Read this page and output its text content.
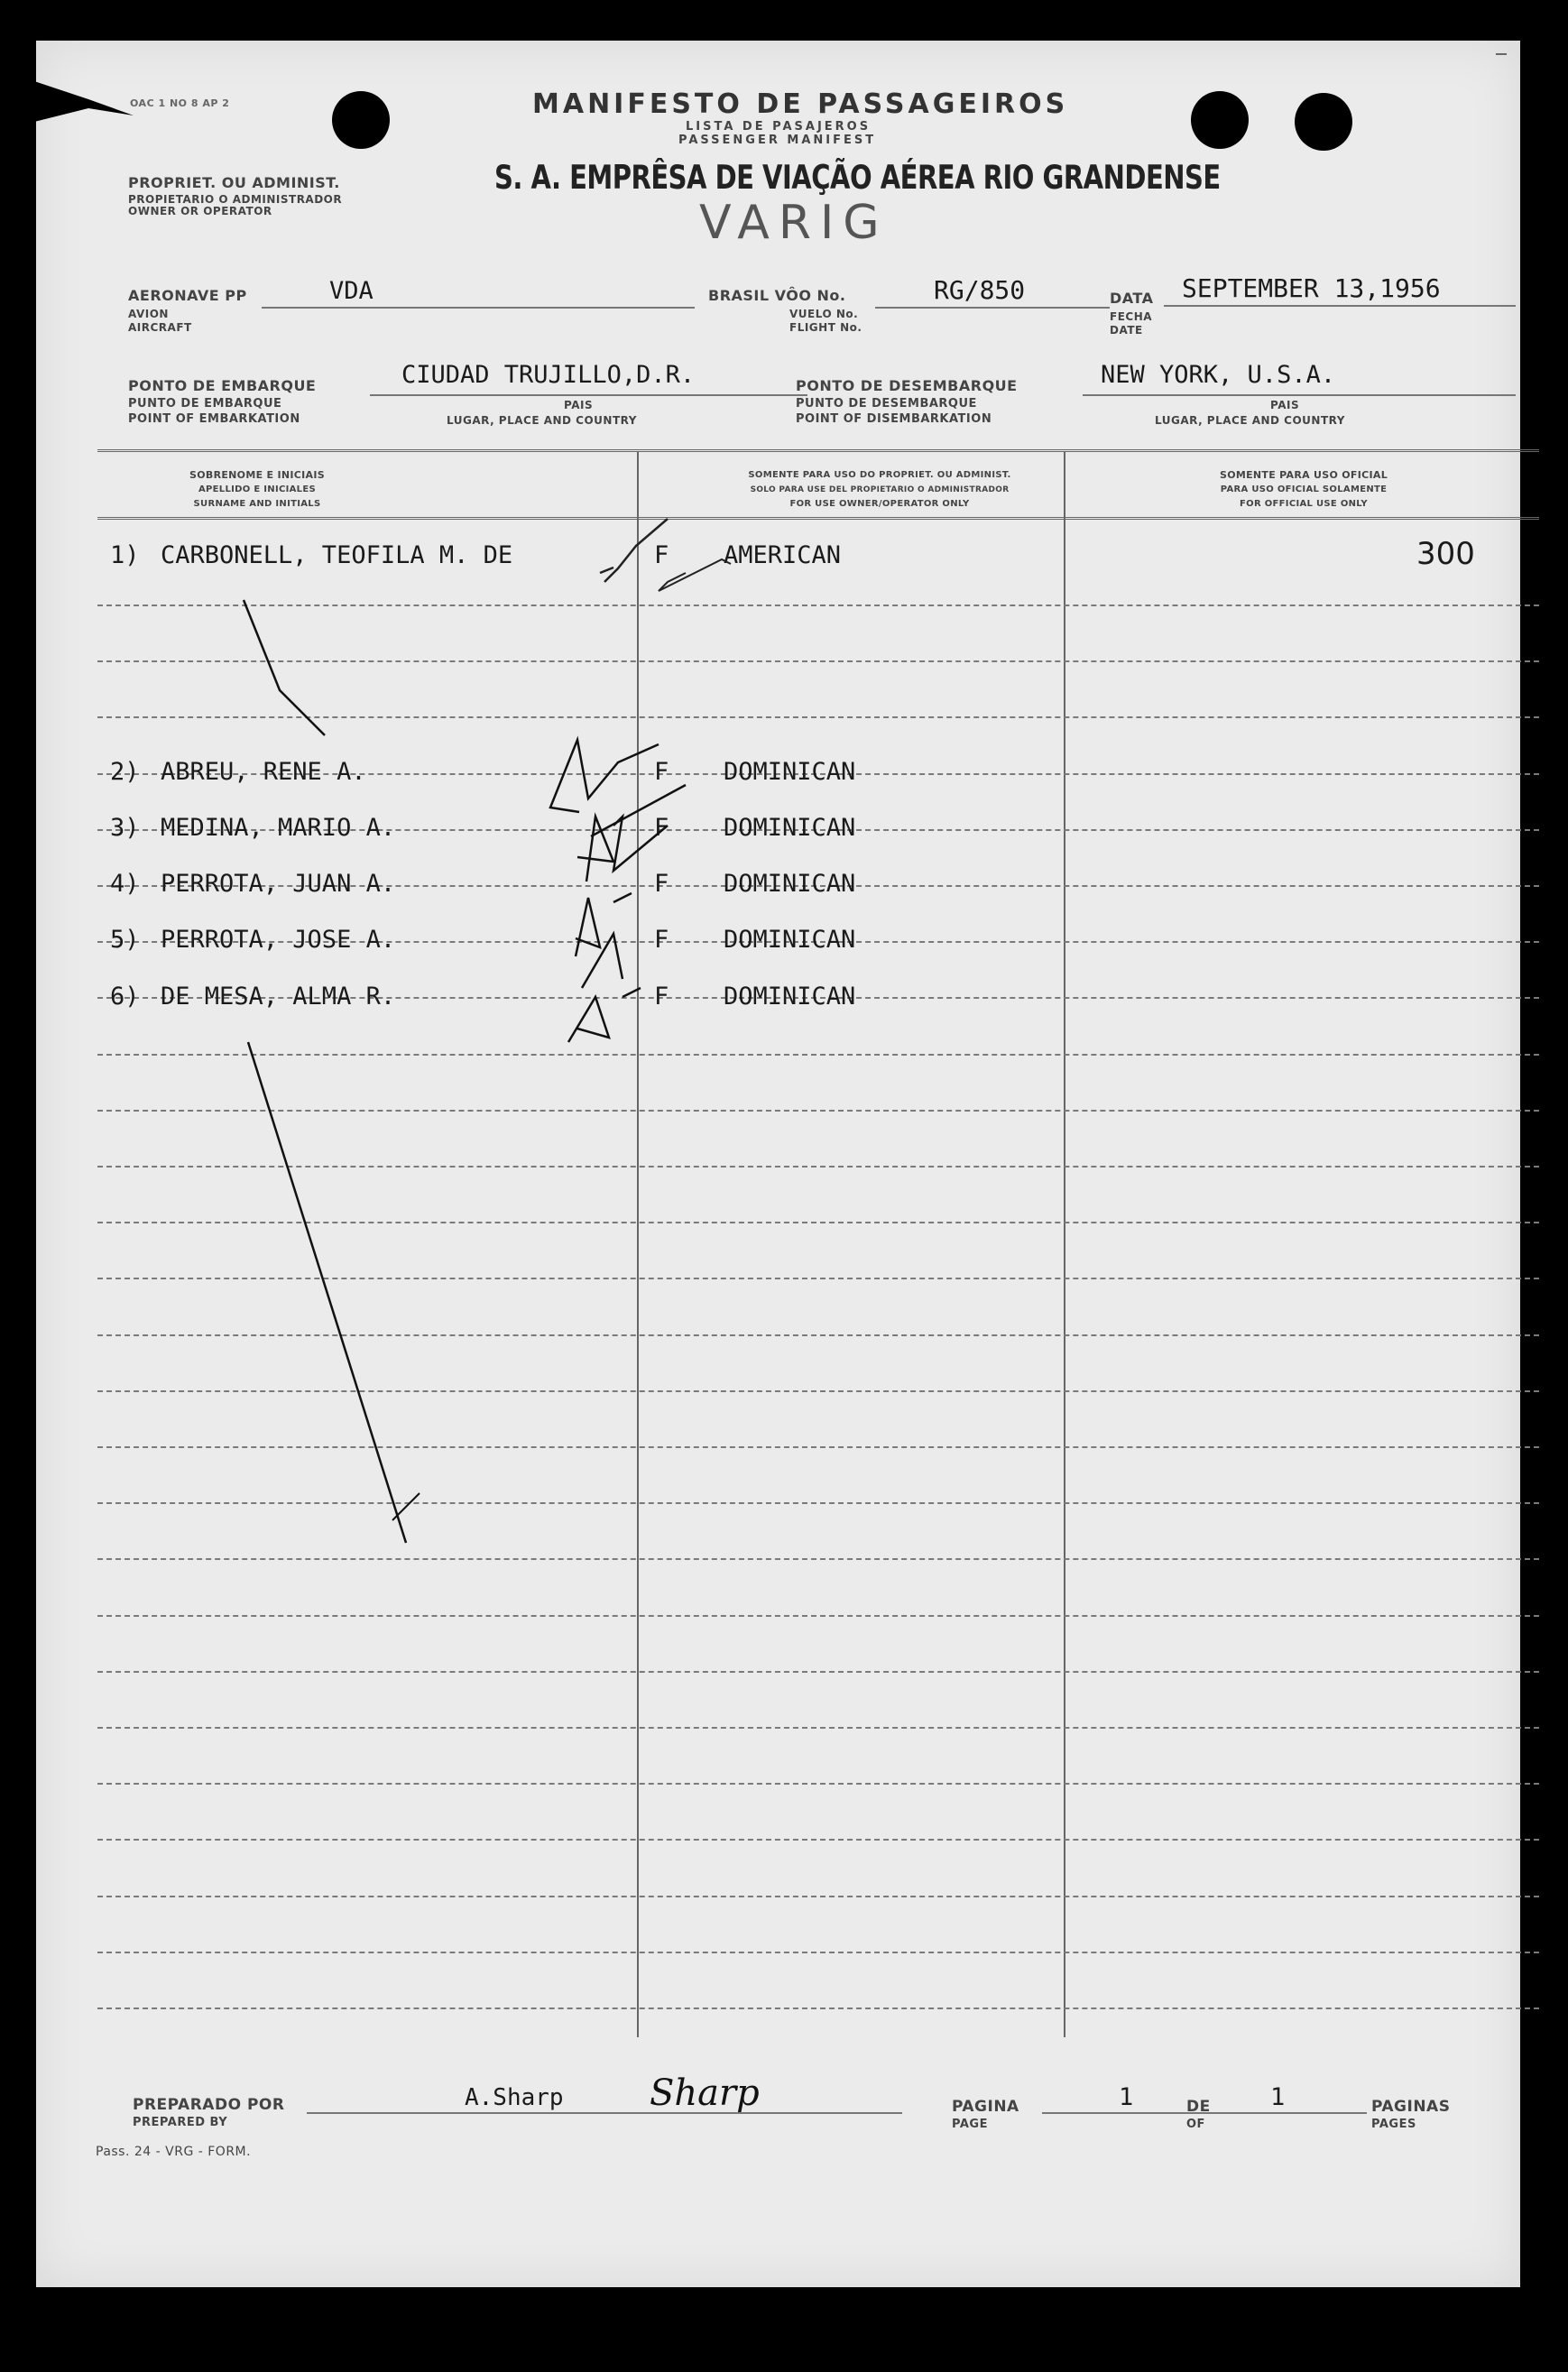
OAC 1 NO 8 AP 2	MANIFESTO DE PASSAGEIROS
LISTA DE PASAJEROS
PASSENGER MANIFEST
PROPRIET. OU ADMINIST.
PROPIETARIO O ADMINISTRADOR
OWNER OR OPERATOR
S. A. EMPRÊSA DE VIAÇÃO AÉREA RIO GRANDENSE
VARIG
AERONAVE PP
AVION
AIRCRAFT
VDA	BRASIL VÔO No.
VUELO No.
FLIGHT No.
RG/850	DATA
FECHA
DATE
SEPTEMBER 13,1956
PONTO DE EMBARQUE
PUNTO DE EMBARQUE
POINT OF EMBARKATION
CIUDAD TRUJILLO,D.R.
PAIS
LUGAR, PLACE AND COUNTRY
PONTO DE DESEMBARQUE
PUNTO DE DESEMBARQUE
POINT OF DISEMBARKATION
NEW YORK, U.S.A.
PAIS
LUGAR, PLACE AND COUNTRY
SOBRENOME E INICIAIS
APELLIDO E INICIALES
SURNAME AND INITIALS
SOMENTE PARA USO DO PROPRIET. OU ADMINIST.
SOLO PARA USE DEL PROPIETARIO O ADMINISTRADOR
FOR USE OWNER/OPERATOR ONLY
SOMENTE PARA USO OFICIAL
PARA USO OFICIAL SOLAMENTE
FOR OFFICIAL USE ONLY
1) CARBONELL, TEOFILA M. DE	F AMERICAN	300
2) ABREU, RENE A.	F DOMINICAN
3) MEDINA, MARIO A.	F DOMINICAN
4) PERROTA, JUAN A.	F DOMINICAN
5) PERROTA, JOSE A.	F DOMINICAN
6) DE MESA, ALMA R.	F DOMINICAN
PREPARADO POR
PREPARED BY
A.Sharp Sharp	PAGINA
PAGE
1	DE
OF
1	PAGINAS
PAGES
Pass. 24 - VRG - FORM.
